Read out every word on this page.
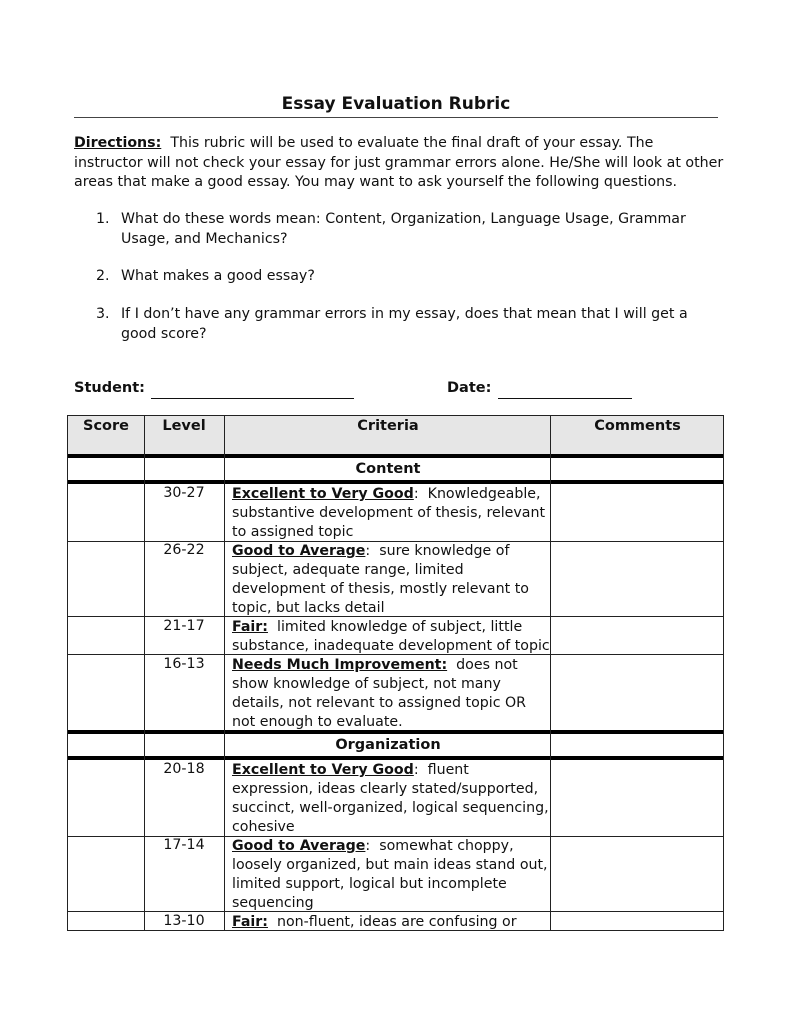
Essay Evaluation Rubric
Directions: This rubric will be used to evaluate the final draft of your essay. The instructor will not check your essay for just grammar errors alone. He/She will look at other areas that make a good essay. You may want to ask yourself the following questions.
1. What do these words mean: Content, Organization, Language Usage, Grammar Usage, and Mechanics?
2. What makes a good essay?
3. If I don’t have any grammar errors in my essay, does that mean that I will get a good score?
Student:	Date:
Score	Level	Criteria	Comments
Content
30-27	Excellent to Very Good: Knowledgeable, substantive development of thesis, relevant to assigned topic
26-22	Good to Average: sure knowledge of subject, adequate range, limited development of thesis, mostly relevant to topic, but lacks detail
21-17	Fair: limited knowledge of subject, little substance, inadequate development of topic
16-13	Needs Much Improvement: does not show knowledge of subject, not many details, not relevant to assigned topic OR not enough to evaluate.
Organization
20-18	Excellent to Very Good: fluent expression, ideas clearly stated/supported, succinct, well-organized, logical sequencing, cohesive
17-14	Good to Average: somewhat choppy, loosely organized, but main ideas stand out, limited support, logical but incomplete sequencing
13-10	Fair: non-fluent, ideas are confusing or
